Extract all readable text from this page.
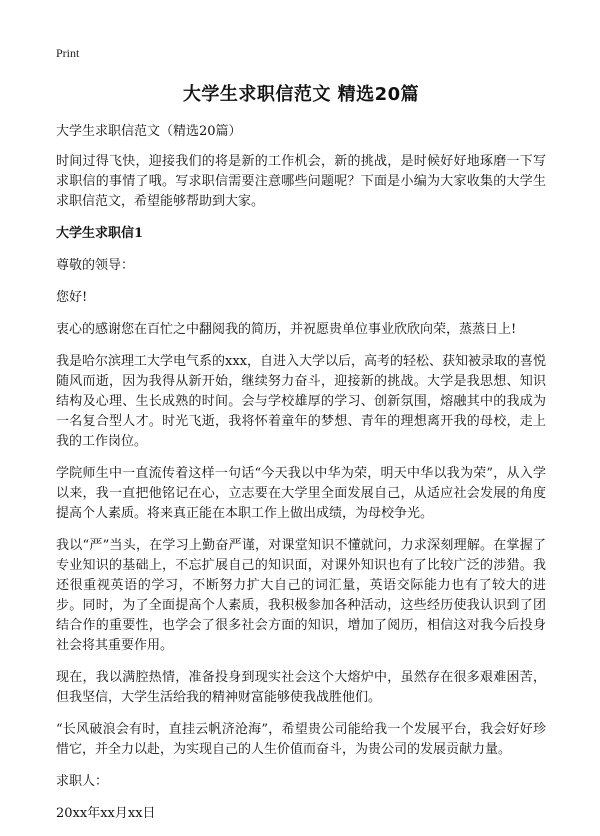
Print
大学生求职信范文 精选20篇
大学生求职信范文（精选20篇）

时间过得飞快，迎接我们的将是新的工作机会，新的挑战，是时候好好地琢磨一下写求职信的事情了哦。写求职信需要注意哪些问题呢？下面是小编为大家收集的大学生求职信范文，希望能够帮助到大家。

大学生求职信1

尊敬的领导：

您好!

衷心的感谢您在百忙之中翻阅我的简历，并祝愿贵单位事业欣欣向荣，蒸蒸日上!

我是哈尔滨理工大学电气系的xxx，自进入大学以后，高考的轻松、获知被录取的喜悦随风而逝，因为我得从新开始，继续努力奋斗，迎接新的挑战。大学是我思想、知识结构及心理、生长成熟的时间。会与学校雄厚的学习、创新氛围，熔融其中的我成为一名复合型人才。时光飞逝，我将怀着童年的梦想、青年的理想离开我的母校，走上我的工作岗位。

学院师生中一直流传着这样一句话“今天我以中华为荣，明天中华以我为荣”，从入学以来，我一直把他铭记在心，立志要在大学里全面发展自己，从适应社会发展的角度提高个人素质。将来真正能在本职工作上做出成绩，为母校争光。

我以“严”当头，在学习上勤奋严谨，对课堂知识不懂就问，力求深刻理解。在掌握了专业知识的基础上，不忘扩展自己的知识面，对课外知识也有了比较广泛的涉猎。我还很重视英语的学习，不断努力扩大自己的词汇量，英语交际能力也有了较大的进步。同时，为了全面提高个人素质，我积极参加各种活动，这些经历使我认识到了团结合作的重要性，也学会了很多社会方面的知识，增加了阅历，相信这对我今后投身社会将其重要作用。

现在，我以满腔热情，准备投身到现实社会这个大熔炉中，虽然存在很多艰难困苦，但我坚信，大学生活给我的精神财富能够使我战胜他们。

“长风破浪会有时，直挂云帆济沧海”，希望贵公司能给我一个发展平台，我会好好珍惜它，并全力以赴，为实现自己的人生价值而奋斗，为贵公司的发展贡献力量。

求职人：

20xx年xx月xx日
